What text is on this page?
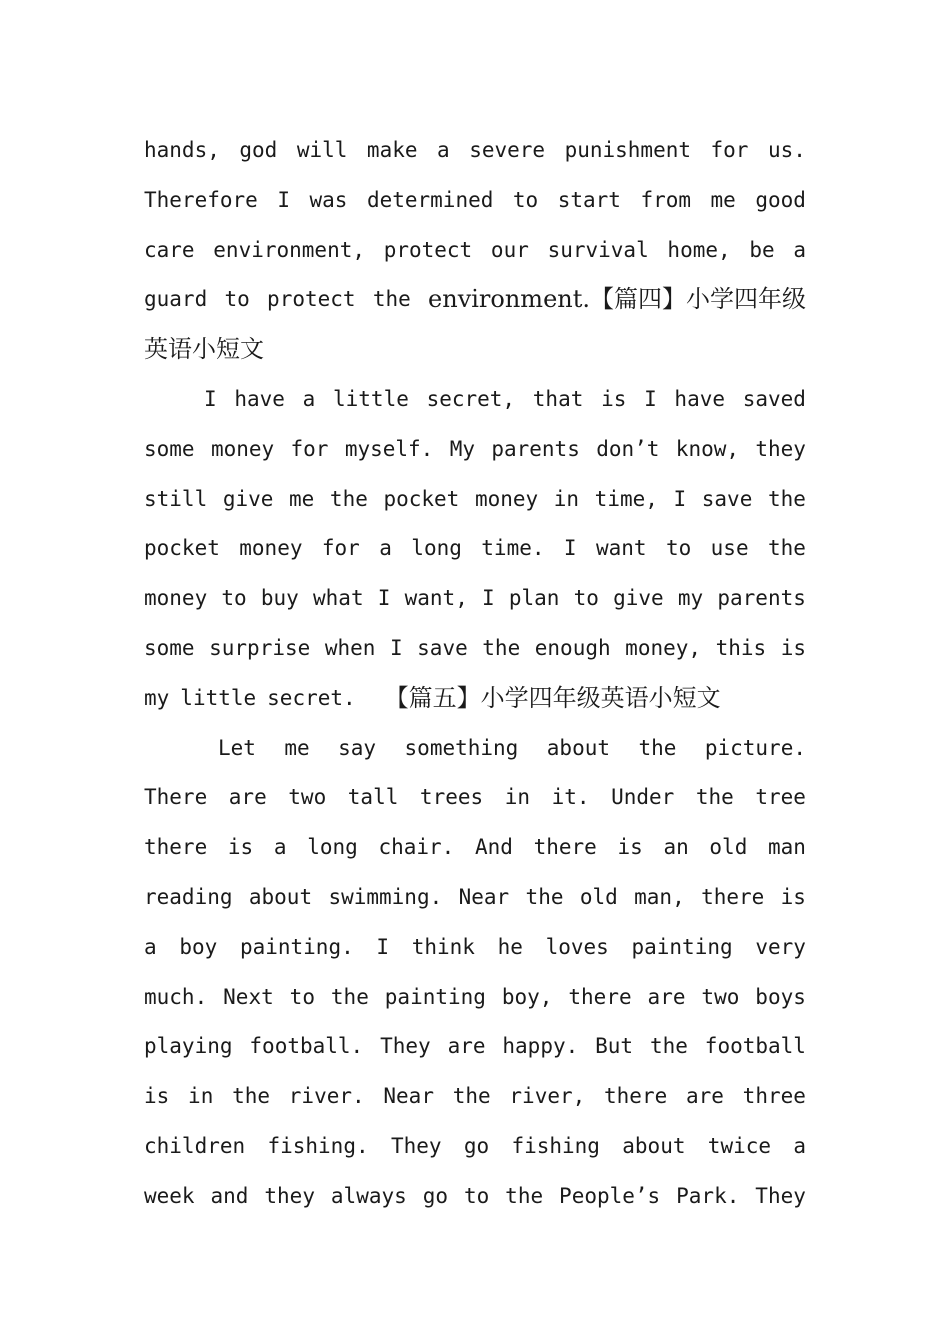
hands, god will make a severe punishment for us.
Therefore I was determined to start from me good
care environment, protect our survival home, be a
guard to protect the environment.【篇四】小学四年级
英语小短文
I have a little secret, that is I have saved
some money for myself. My parents don’t know, they
still give me the pocket money in time, I save the
pocket money for a long time. I want to use the
money to buy what I want, I plan to give my parents
some surprise when I save the enough money, this is
my little secret. 【篇五】小学四年级英语小短文
Let me say something about the picture.
There are two tall trees in it. Under the tree
there is a long chair. And there is an old man
reading about swimming. Near the old man, there is
a boy painting. I think he loves painting very
much. Next to the painting boy, there are two boys
playing football. They are happy. But the football
is in the river. Near the river, there are three
children fishing. They go fishing about twice a
week and they always go to the People’s Park. They
